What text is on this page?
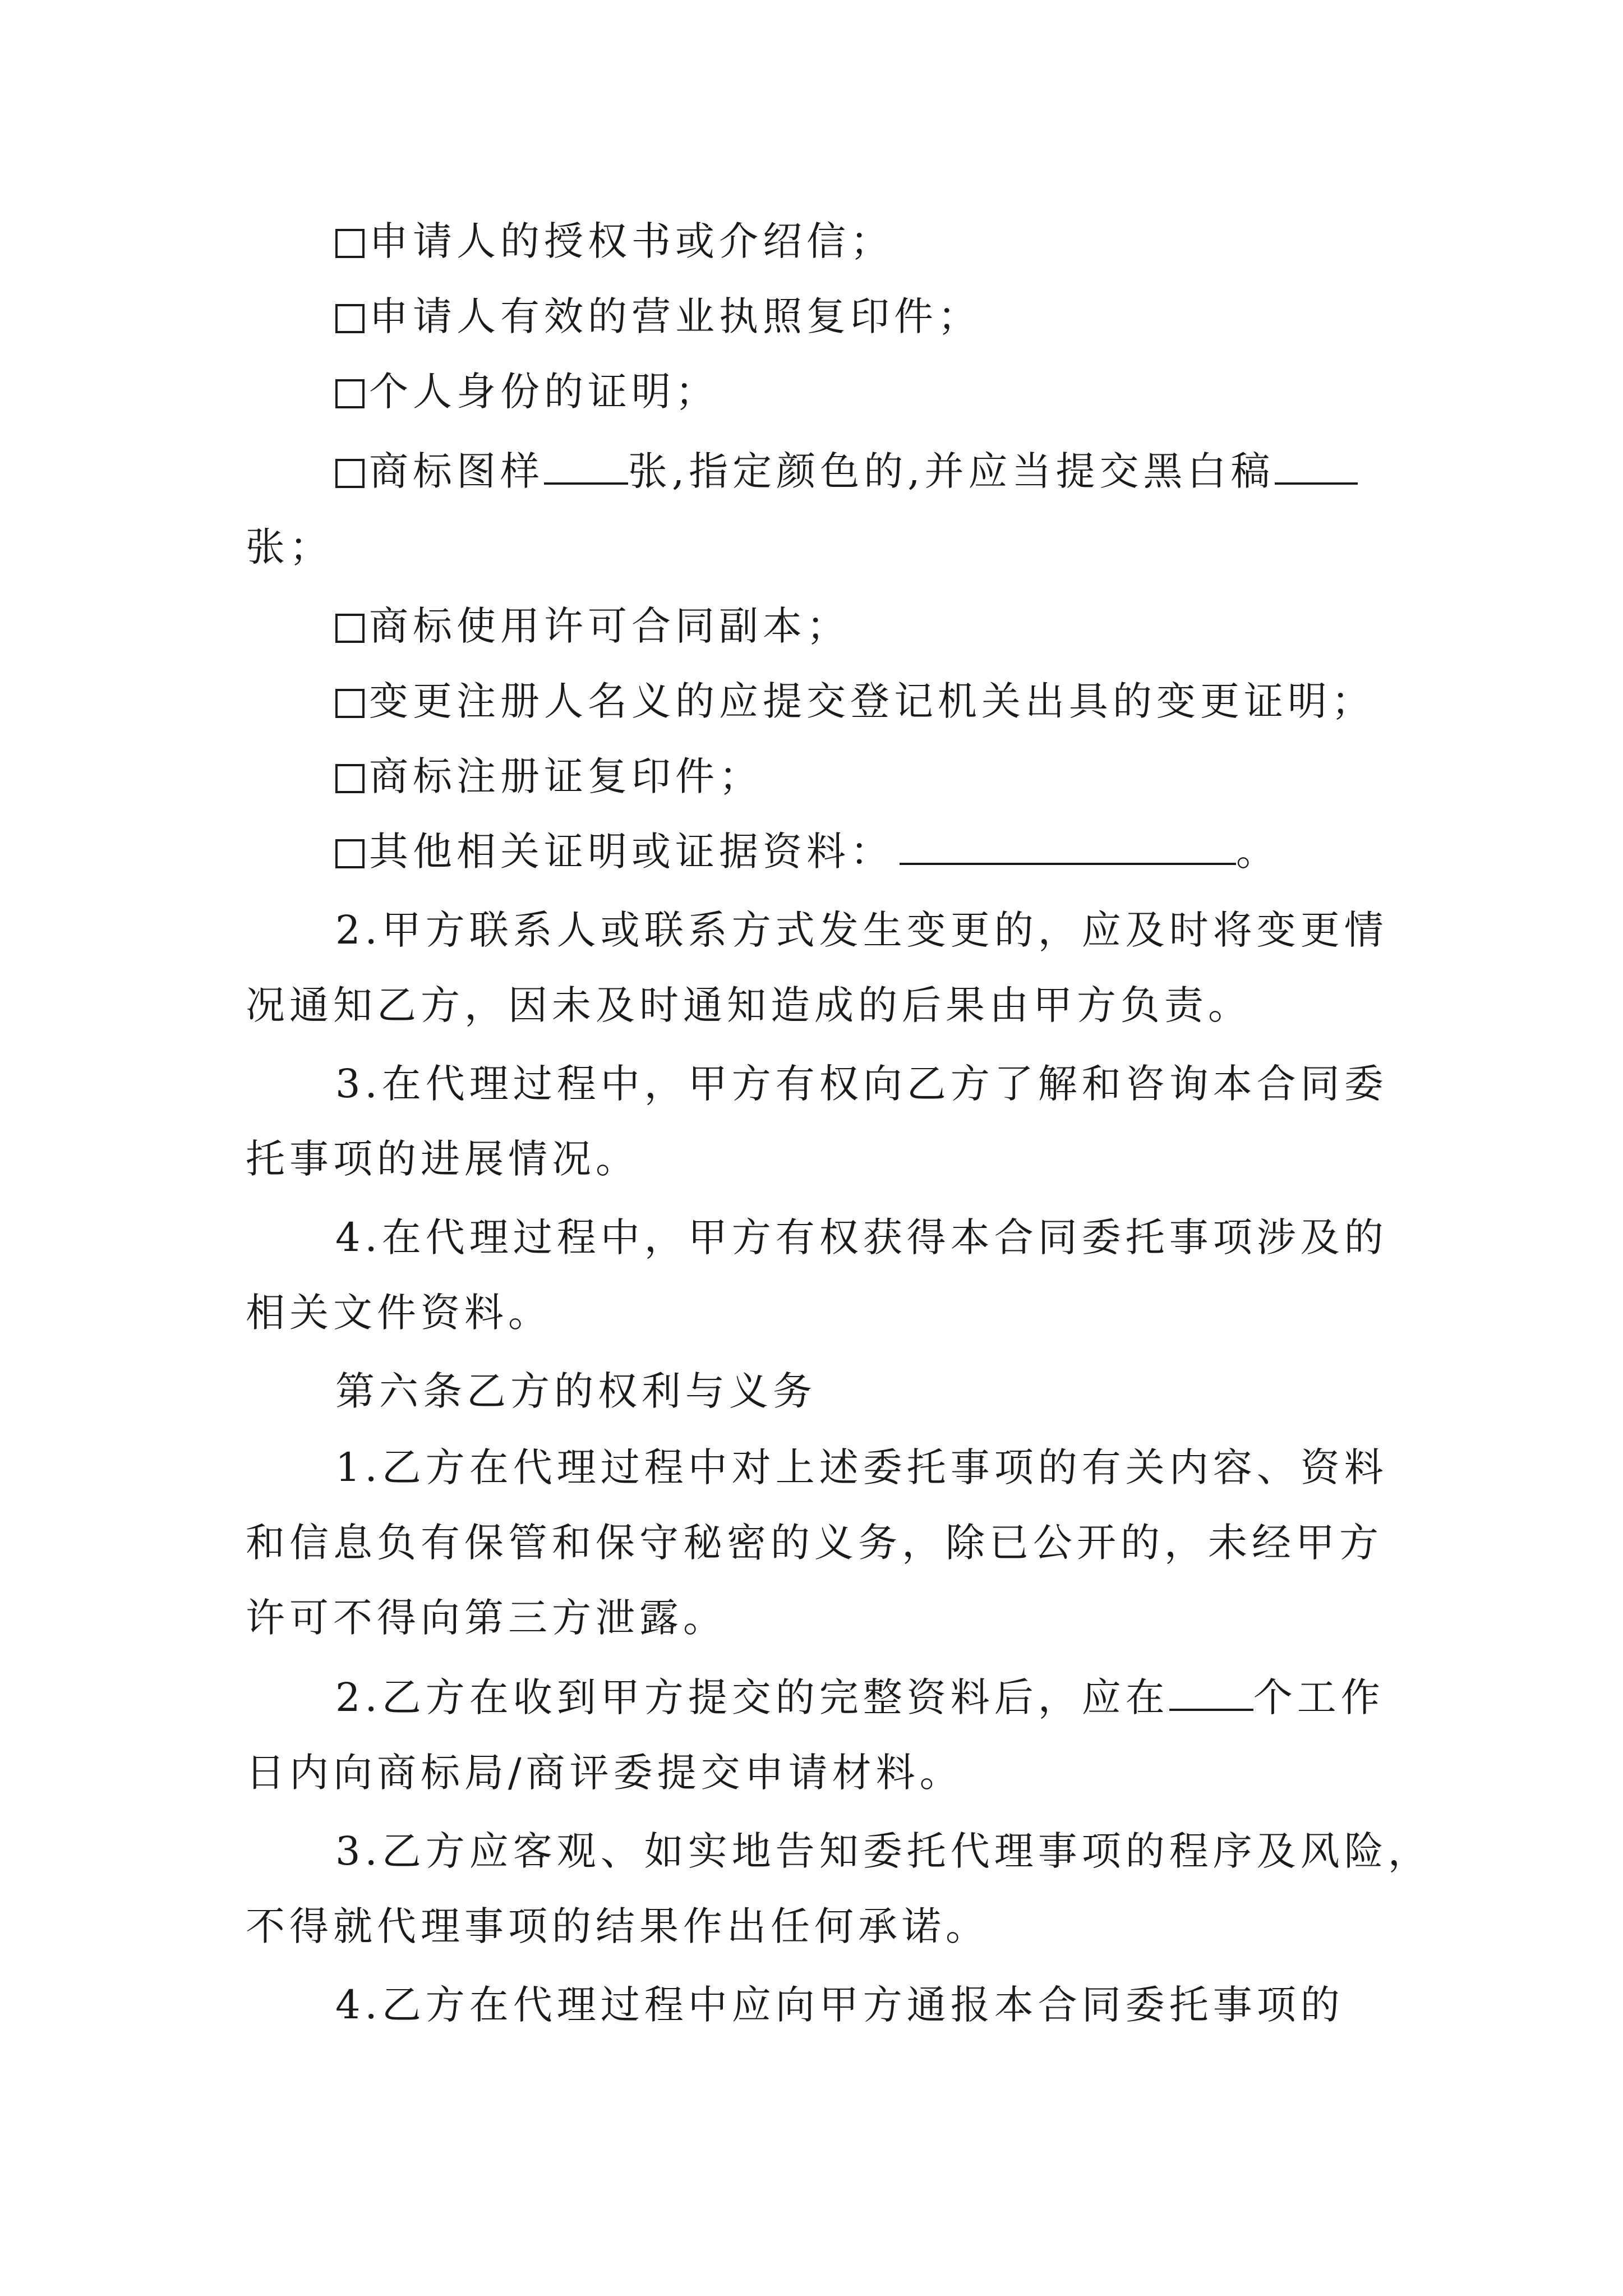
申请人的授权书或介绍信；
申请人有效的营业执照复印件；
个人身份的证明；
商标图样 张,指定颜色的,并应当提交黑白稿
张；
商标使用许可合同副本；
变更注册人名义的应提交登记机关出具的变更证明；
商标注册证复印件；
其他相关证明或证据资料：	。
2.甲方联系人或联系方式发生变更的，应及时将变更情
况通知乙方，因未及时通知造成的后果由甲方负责。
3.在代理过程中，甲方有权向乙方了解和咨询本合同委
托事项的进展情况。
4.在代理过程中，甲方有权获得本合同委托事项涉及的
相关文件资料。
第六条乙方的权利与义务
1.乙方在代理过程中对上述委托事项的有关内容、资料
和信息负有保管和保守秘密的义务，除已公开的，未经甲方
许可不得向第三方泄露。
2.乙方在收到甲方提交的完整资料后，应在 个工作
日内向商标局/商评委提交申请材料。
3.乙方应客观、如实地告知委托代理事项的程序及风险，
不得就代理事项的结果作出任何承诺。
4.乙方在代理过程中应向甲方通报本合同委托事项的
